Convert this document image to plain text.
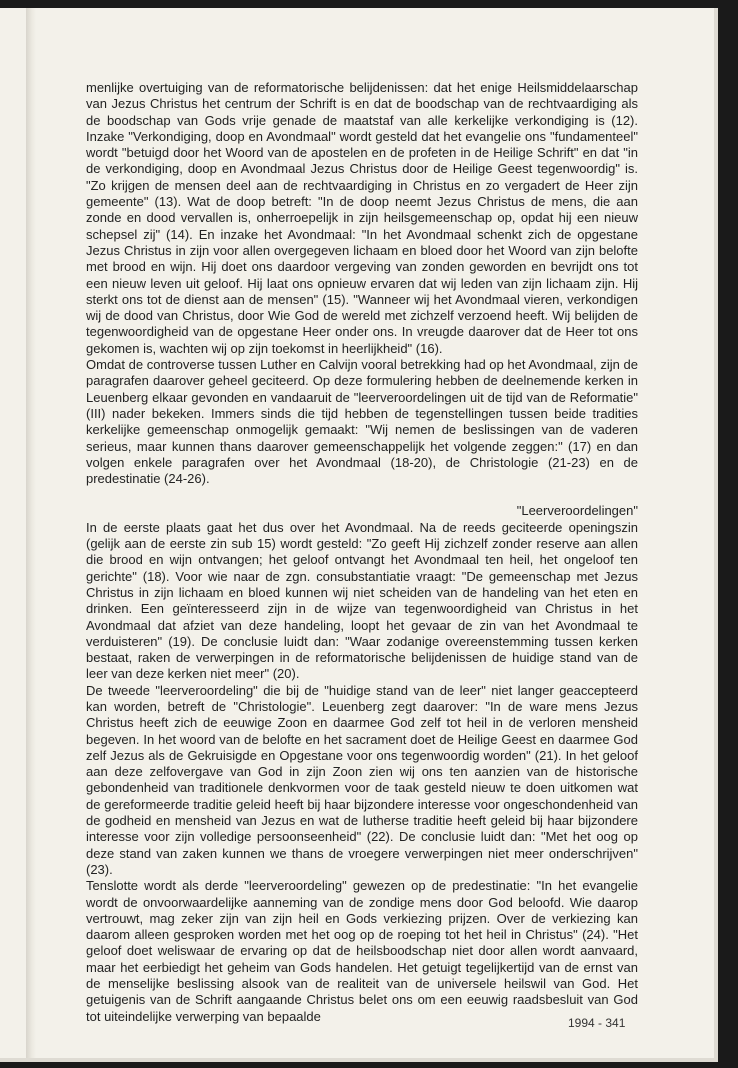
menlijke overtuiging van de reformatorische belijdenissen: dat het enige Heilsmiddelaarschap van Jezus Christus het centrum der Schrift is en dat de boodschap van de rechtvaardiging als de boodschap van Gods vrije genade de maatstaf van alle kerkelijke verkondiging is (12). Inzake "Verkondiging, doop en Avondmaal" wordt gesteld dat het evangelie ons "fundamenteel" wordt "betuigd door het Woord van de apostelen en de profeten in de Heilige Schrift" en dat "in de verkondiging, doop en Avondmaal Jezus Christus door de Heilige Geest tegenwoordig" is. "Zo krijgen de mensen deel aan de rechtvaardiging in Christus en zo vergadert de Heer zijn gemeente" (13). Wat de doop betreft: "In de doop neemt Jezus Christus de mens, die aan zonde en dood vervallen is, onherroepelijk in zijn heilsgemeenschap op, opdat hij een nieuw schepsel zij" (14). En inzake het Avondmaal: "In het Avondmaal schenkt zich de opgestane Jezus Christus in zijn voor allen overgegeven lichaam en bloed door het Woord van zijn belofte met brood en wijn. Hij doet ons daardoor vergeving van zonden geworden en bevrijdt ons tot een nieuw leven uit geloof. Hij laat ons opnieuw ervaren dat wij leden van zijn lichaam zijn. Hij sterkt ons tot de dienst aan de mensen" (15). "Wanneer wij het Avondmaal vieren, verkondigen wij de dood van Christus, door Wie God de wereld met zichzelf verzoend heeft. Wij belijden de tegenwoordigheid van de opgestane Heer onder ons. In vreugde daarover dat de Heer tot ons gekomen is, wachten wij op zijn toekomst in heerlijkheid" (16).

Omdat de controverse tussen Luther en Calvijn vooral betrekking had op het Avondmaal, zijn de paragrafen daarover geheel geciteerd. Op deze formulering hebben de deelnemende kerken in Leuenberg elkaar gevonden en vandaaruit de "leerveroordelingen uit de tijd van de Reformatie" (III) nader bekeken. Immers sinds die tijd hebben de tegenstellingen tussen beide tradities kerkelijke gemeenschap onmogelijk gemaakt: "Wij nemen de beslissingen van de vaderen serieus, maar kunnen thans daarover gemeenschappelijk het volgende zeggen:" (17) en dan volgen enkele paragrafen over het Avondmaal (18-20), de Christologie (21-23) en de predestinatie (24-26).

"Leerveroordelingen"

In de eerste plaats gaat het dus over het Avondmaal. Na de reeds geciteerde openingszin (gelijk aan de eerste zin sub 15) wordt gesteld: "Zo geeft Hij zichzelf zonder reserve aan allen die brood en wijn ontvangen; het geloof ontvangt het Avondmaal ten heil, het ongeloof ten gerichte" (18). Voor wie naar de zgn. consubstantiatie vraagt: "De gemeenschap met Jezus Christus in zijn lichaam en bloed kunnen wij niet scheiden van de handeling van het eten en drinken. Een geïnteresseerd zijn in de wijze van tegenwoordigheid van Christus in het Avondmaal dat afziet van deze handeling, loopt het gevaar de zin van het Avondmaal te verduisteren" (19). De conclusie luidt dan: "Waar zodanige overeenstemming tussen kerken bestaat, raken de verwerpingen in de reformatorische belijdenissen de huidige stand van de leer van deze kerken niet meer" (20).

De tweede "leerveroordeling" die bij de "huidige stand van de leer" niet langer geaccepteerd kan worden, betreft de "Christologie". Leuenberg zegt daarover: "In de ware mens Jezus Christus heeft zich de eeuwige Zoon en daarmee God zelf tot heil in de verloren mensheid begeven. In het woord van de belofte en het sacrament doet de Heilige Geest en daarmee God zelf Jezus als de Gekruisigde en Opgestane voor ons tegenwoordig worden" (21). In het geloof aan deze zelfovergave van God in zijn Zoon zien wij ons ten aanzien van de historische gebondenheid van traditionele denkvormen voor de taak gesteld nieuw te doen uitkomen wat de gereformeerde traditie geleid heeft bij haar bijzondere interesse voor ongeschondenheid van de godheid en mensheid van Jezus en wat de lutherse traditie heeft geleid bij haar bijzondere interesse voor zijn volledige persoonseenheid" (22). De conclusie luidt dan: "Met het oog op deze stand van zaken kunnen we thans de vroegere verwerpingen niet meer onderschrijven" (23).

Tenslotte wordt als derde "leerveroordeling" gewezen op de predestinatie: "In het evangelie wordt de onvoorwaardelijke aanneming van de zondige mens door God beloofd. Wie daarop vertrouwt, mag zeker zijn van zijn heil en Gods verkiezing prijzen. Over de verkiezing kan daarom alleen gesproken worden met het oog op de roeping tot het heil in Christus" (24). "Het geloof doet weliswaar de ervaring op dat de heilsboodschap niet door allen wordt aanvaard, maar het eerbiedigt het geheim van Gods handelen. Het getuigt tegelijkertijd van de ernst van de menselijke beslissing alsook van de realiteit van de universele heilswil van God. Het getuigenis van de Schrift aangaande Christus belet ons om een eeuwig raadsbesluit van God tot uiteindelijke verwerping van bepaalde	1994 - 341
